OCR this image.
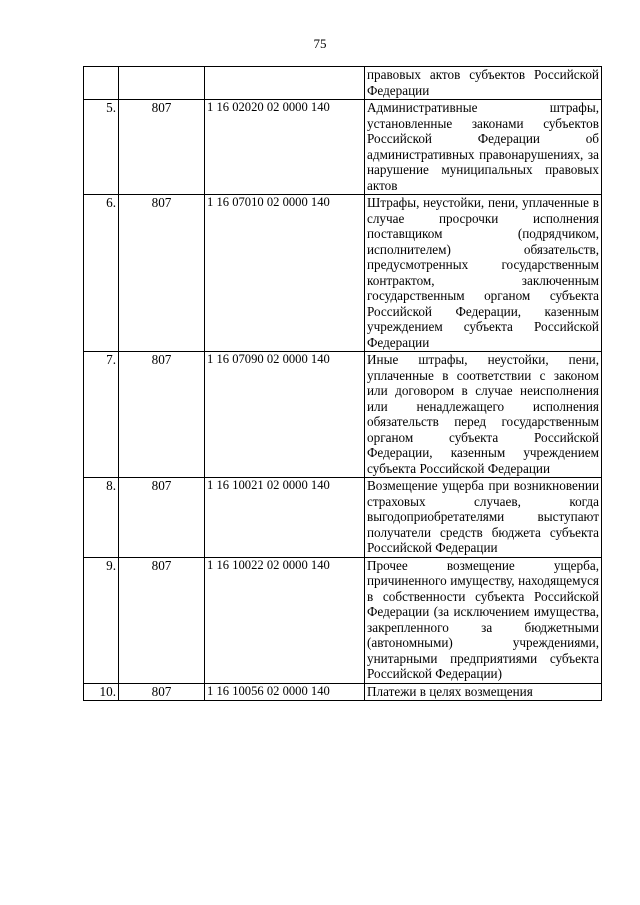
75
			правовых актов субъектов Российской Федерации
5.	807	1 16 02020 02 0000 140	Административные штрафы, установленные законами субъектов Российской Федерации об административных правонарушениях, за нарушение муниципальных правовых актов
6.	807	1 16 07010 02 0000 140	Штрафы, неустойки, пени, уплаченные в случае просрочки исполнения поставщиком (подрядчиком, исполнителем) обязательств, предусмотренных государственным контрактом, заключенным государственным органом субъекта Российской Федерации, казенным учреждением субъекта Российской Федерации
7.	807	1 16 07090 02 0000 140	Иные штрафы, неустойки, пени, уплаченные в соответствии с законом или договором в случае неисполнения или ненадлежащего исполнения обязательств перед государственным органом субъекта Российской Федерации, казенным учреждением субъекта Российской Федерации
8.	807	1 16 10021 02 0000 140	Возмещение ущерба при возникновении страховых случаев, когда выгодоприобретателями выступают получатели средств бюджета субъекта Российской Федерации
9.	807	1 16 10022 02 0000 140	Прочее возмещение ущерба, причиненного имуществу, находящемуся в собственности субъекта Российской Федерации (за исключением имущества, закрепленного за бюджетными (автономными) учреждениями, унитарными предприятиями субъекта Российской Федерации)
10.	807	1 16 10056 02 0000 140	Платежи в целях возмещения
